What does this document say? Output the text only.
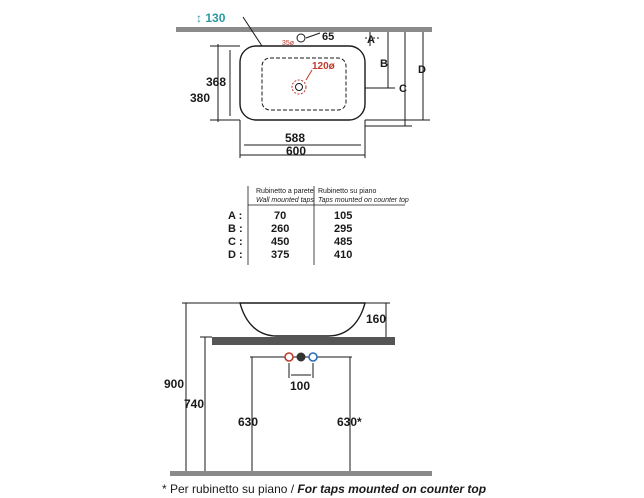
↕ 130
65
35ø
120ø
368
380
588
600
A
B
C
D
Rubinetto a parete
Wall mounted taps
Rubinetto su piano
Taps mounted on counter top
A :	70	105
B :	260	295
C :	450	485
D :	375	410
160
900
740
630	630*
100
* Per rubinetto su piano / For taps mounted on counter top
